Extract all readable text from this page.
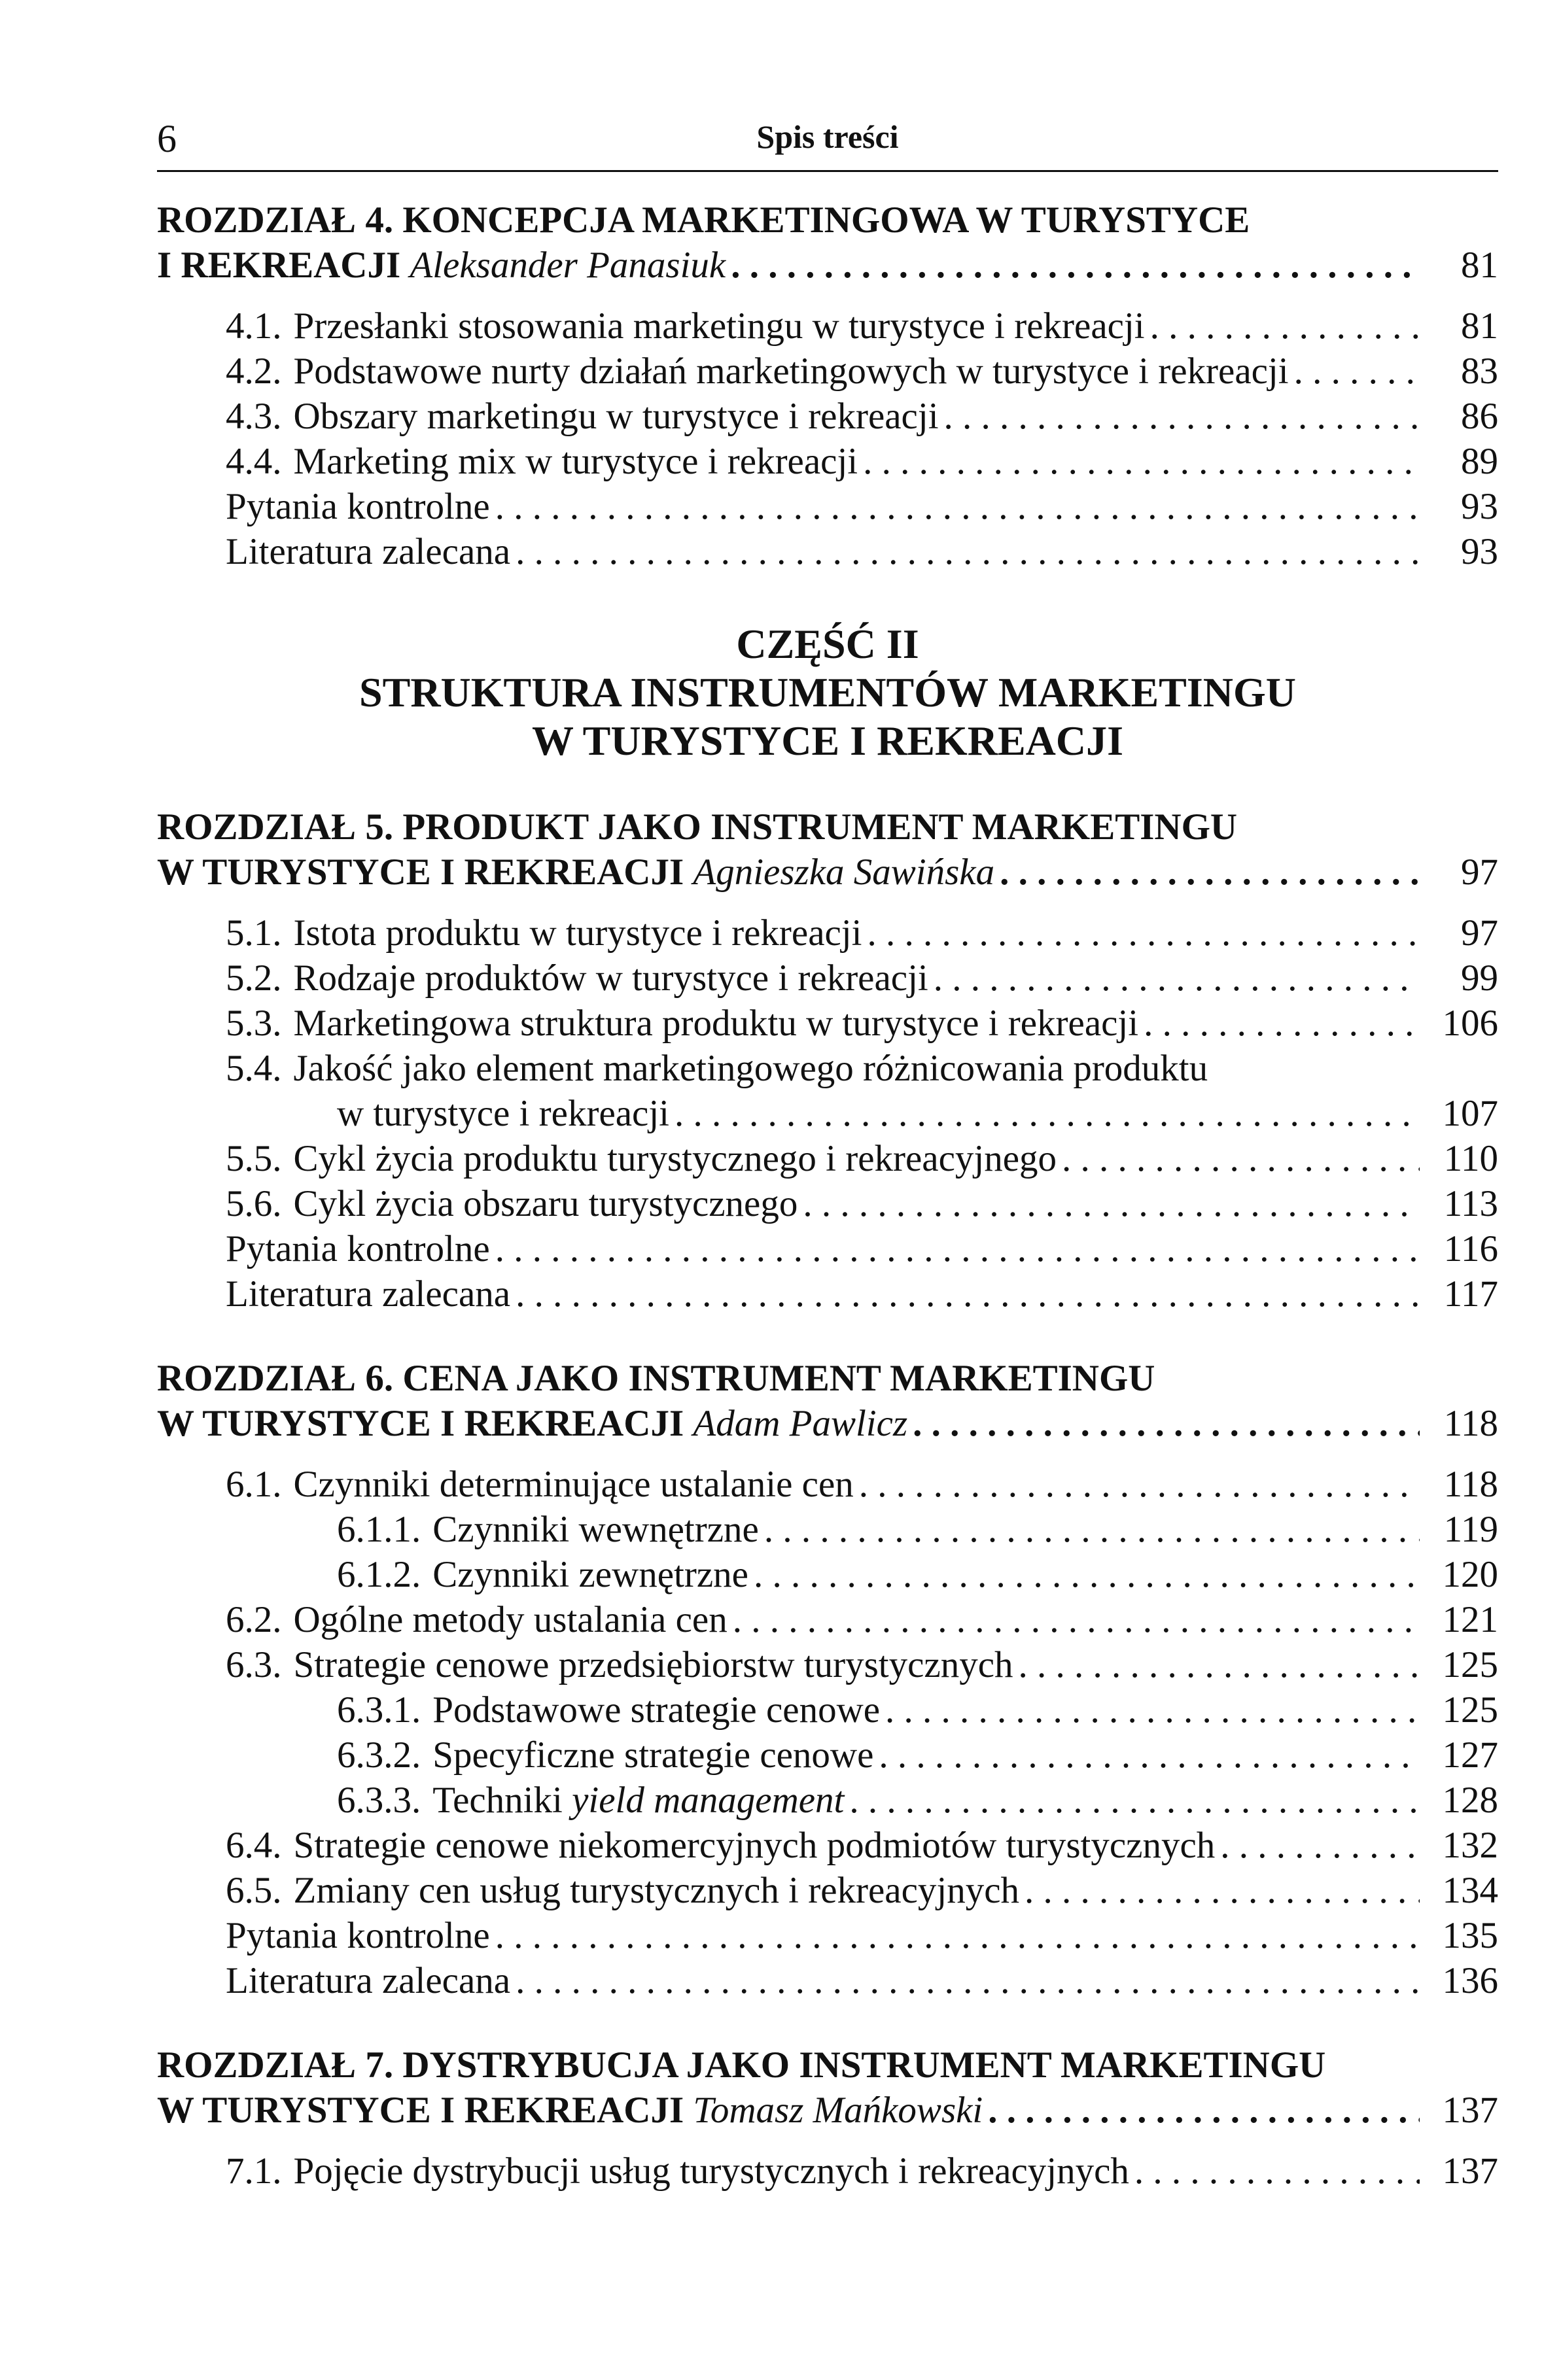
6	Spis treści
ROZDZIAŁ 4. KONCEPCJA MARKETINGOWA W TURYSTYCE
I REKREACJI Aleksander Panasiuk . . .	81
4.1. Przesłanki stosowania marketingu w turystyce i rekreacji . . .	81
4.2. Podstawowe nurty działań marketingowych w turystyce i rekreacji . . .	83
4.3. Obszary marketingu w turystyce i rekreacji . . .	86
4.4. Marketing mix w turystyce i rekreacji . . .	89
Pytania kontrolne . . .	93
Literatura zalecana . . .	93
CZĘŚĆ II
STRUKTURA INSTRUMENTÓW MARKETINGU
W TURYSTYCE I REKREACJI
ROZDZIAŁ 5. PRODUKT JAKO INSTRUMENT MARKETINGU
W TURYSTYCE I REKREACJI Agnieszka Sawińska . . .	97
5.1. Istota produktu w turystyce i rekreacji . . .	97
5.2. Rodzaje produktów w turystyce i rekreacji . . .	99
5.3. Marketingowa struktura produktu w turystyce i rekreacji . . .	106
5.4. Jakość jako element marketingowego różnicowania produktu
w turystyce i rekreacji . . .	107
5.5. Cykl życia produktu turystycznego i rekreacyjnego . . .	110
5.6. Cykl życia obszaru turystycznego . . .	113
Pytania kontrolne . . .	116
Literatura zalecana . . .	117
ROZDZIAŁ 6. CENA JAKO INSTRUMENT MARKETINGU
W TURYSTYCE I REKREACJI Adam Pawlicz . . .	118
6.1. Czynniki determinujące ustalanie cen . . .	118
6.1.1. Czynniki wewnętrzne . . .	119
6.1.2. Czynniki zewnętrzne . . .	120
6.2. Ogólne metody ustalania cen . . .	121
6.3. Strategie cenowe przedsiębiorstw turystycznych . . .	125
6.3.1. Podstawowe strategie cenowe . . .	125
6.3.2. Specyficzne strategie cenowe . . .	127
6.3.3. Techniki yield management . . .	128
6.4. Strategie cenowe niekomercyjnych podmiotów turystycznych . . .	132
6.5. Zmiany cen usług turystycznych i rekreacyjnych . . .	134
Pytania kontrolne . . .	135
Literatura zalecana . . .	136
ROZDZIAŁ 7. DYSTRYBUCJA JAKO INSTRUMENT MARKETINGU
W TURYSTYCE I REKREACJI Tomasz Mańkowski . . .	137
7.1. Pojęcie dystrybucji usług turystycznych i rekreacyjnych . . .	137
